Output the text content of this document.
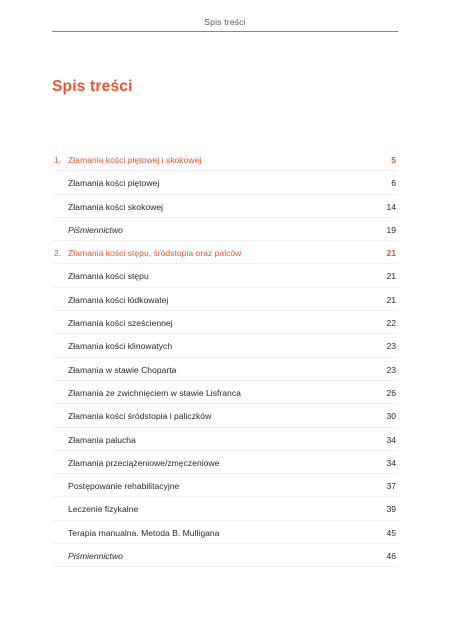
Spis treści
Spis treści
1. Złamania kości piętowej i skokowej	5
Złamania kości piętowej	6
Złamania kości skokowej	14
Piśmiennictwo	19
2. Złamania kości stępu, śródstopia oraz palców	21
Złamania kości stępu	21
Złamania kości łódkowatej	21
Złamania kości sześciennej	22
Złamania kości klinowatych	23
Złamania w stawie Choparta	23
Złamania ze zwichnięciem w stawie Lisfranca	26
Złamania kości śródstopia i paliczków	30
Złamania palucha	34
Złamania przeciążeniowe/zmęczeniowe	34
Postępowanie rehabilitacyjne	37
Leczenie fizykalne	39
Terapia manualna. Metoda B. Mulligana	45
Piśmiennictwo	46
